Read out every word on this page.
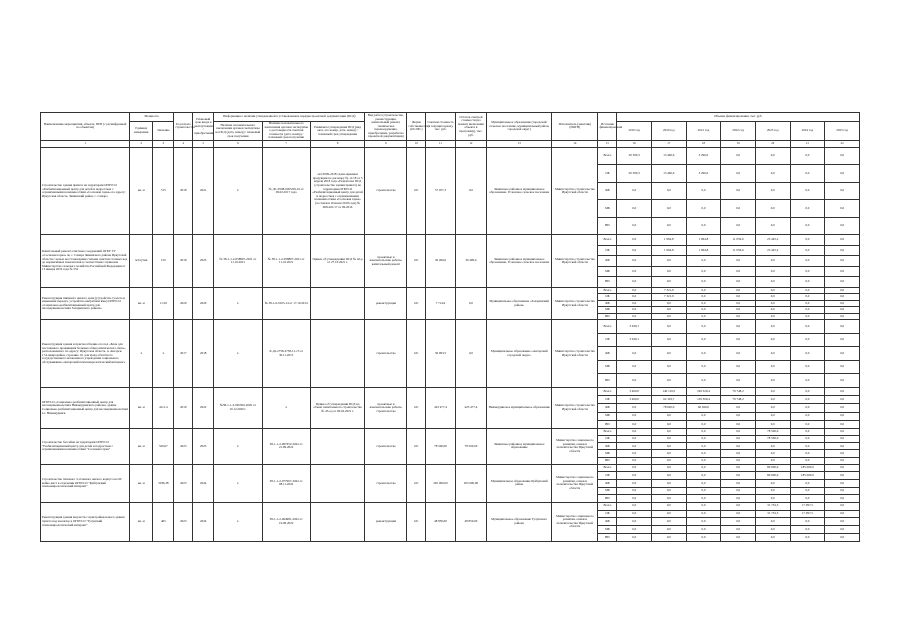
Наименование мероприятия, объекта, ППР (с расшифровкой по объектам)	Мощность		Год начала строительства	Плановый срок ввода в эксплуатацию / приобретения	Информация о наличии утвержденной в установленном порядке проектной документации (ПСД)			Вид работ (строительство, реконструкция, капитальный ремонт, техническое перевооружение, приобретение, разработка проектной документации)	Форма собственности (ОС/МС)	Сметная стоимость (в текущих ценах), тыс. руб.	Остаток сметной стоимости (на момент включения объекта в программу), тыс. руб.	Муниципальное образование (городской/сельское поселение, муниципальный район, городской округ)	Исполнитель (заказчик) (ИОГВ)	Источник финансирования	Объемы финансирования, тыс. руб.						
	Единица измерения	Значение			Наличие положительного заключения органов экспертизы на ПСД (дата, номер) / плановый срок получения	Наличие положительного заключения органов экспертизы о достоверности сметной стоимости (дата, номер) / плановый срок получения	Реквизиты утверждения ПСД (вид акта, его номер, дата, номер) / плановый срок утверждения								2019 год	2020 год	2021 год	2022 год	2023 год	2024 год	2025 год
1	2	3	4	5	6	7	8	9	10	11	12	13	14	15	16	17	18	19	20	21	22
Строительство здания приюта на территории ОГБУСО «Реабилитационный центр для детей и подростков с ограниченными возможностями «Сосновая горка» по адресу: Иркутская область, Зиминский район, с. Самара	кв. м	515	2018	2021	х	№ ДС-0508-0265/09-16 от 09.02.2017 года	акт 0009-2018 сдачи-приемки продукции по договору № 11/18 от 5 апреля 2018 года «Разработка ПСД (строительство здания приюта) на территории ОГБУСО «Реабилитационный центр для детей и подростков с ограниченными возможностями «Сосновая горка» (составлен 16 июля 2018 года) № 068-261/17 от 06.2016	строительство	ОС	37 057,3	0,0	Зиминское районное муниципальное образование, Услонское сельское поселение	Министерство строительства Иркутской области	Всего	20 300,3	13 460,6	3 296,0	0,0	0,0	0,0	0,0
														ОБ	20 300,3	13 460,6	3 296,0	0,0	0,0	0,0	0,0
														ФБ	0,0	0,0	0,0	0,0	0,0	0,0	0,0
														МБ	0,0	0,0	0,0	0,0	0,0	0,0	0,0
														ВИ	0,0	0,0	0,0	0,0	0,0	0,0	0,0
Капитальный ремонт очистных сооружений ОГБУ ГУ «Сосновая горка» по с. Самара Зиминского района Иркутской области с целью восстановления степени очистки сточных вод до нормативных показателей в соответствии с приказом Министерства сельского хозяйства Российской Федерации от 13 января 2016 года № 552	м3/сутки	150	2018	2023	№ 38-1-1-2-058807-2021 от 11.10.2021	№ 38-1-1-2-058807-2021 от 11.10.2021	Приказ об утверждении ПСД № 42-р от 27.10.2021 г.	проектные и изыскательские работы, капитальный ремонт	ОС	36 499,6	36 499,6	Зиминское районное муниципальное образование, Услонское сельское поселение	Министерство строительства Иркутской области	Всего	0,0	1 994,8	1 994,8	11 059,6	23 445,2	0,0	0,0
														ОБ	0,0	1 994,8	1 994,8	11 059,6	23 445,2	0,0	0,0
														ФБ	0,0	0,0	0,0	0,0	0,0	0,0	0,0
														МБ	0,0	0,0	0,0	0,0	0,0	0,0	0,0
														ВИ	0,0	0,0	0,0	0,0	0,0	0,0	0,0
Реконструкция пищевого жилого дома (устройство туалета и изменения передач, устройство выгребной ямы) ОГБУСО «Социально-реабилитационный центр для несовершеннолетних Заларинского района»	кв. м	11,56	2020	2020	х	№ 38-1-6-0165-14 от 17.10.2014		реконструкция	ОС	7 714,9	0,0	Муниципальное образование «Заларинский район»	Министерство строительства Иркутской области	Всего	0,0	7 321,9	0,0	0,0	0,0	0,0	0,0
														ОБ	0,0	7 321,9	0,0	0,0	0,0	0,0	0,0
														ФБ	0,0	0,0	0,0	0,0	0,0	0,0	0,0
														МБ	0,0	0,0	0,0	0,0	0,0	0,0	0,0
														ВИ	0,0	0,0	0,0	0,0	0,0	0,0	0,0
Реконструкция здания и приспособление его под «Блок для постоянного проживания больных общесоматического типа», расположенного по адресу: Иркутская область, п. Ангарск, 17А микрорайон, строение 10, для нужд областного государственного автономного учреждения социального обслуживания «Ангарский психоневрологический интернат»	х	х	2017	2018	х	Х-Дз-2758-2758-11-15 от 30.11.2015		строительство	ОС	36 993,5	0,0	Муниципальное образование «Ангарский городской округ»	Министерство строительства Иркутской области	Всего	3 639,1	0,0	0,0	0,0	0,0	0,0	0,0
														ОБ	3 639,1	0,0	0,0	0,0	0,0	0,0	0,0
														ФБ	0,0	0,0	0,0	0,0	0,0	0,0	0,0
														МБ	0,0	0,0	0,0	0,0	0,0	0,0	0,0
														ВИ	0,0	0,0	0,0	0,0	0,0	0,0	0,0
ОГБУСО «Социально-реабилитационный центр для несовершеннолетних Нижнеудинского района» здание Социально-реабилитационный центр для несовершеннолетних в г. Нижнеудинск	кв. м	4111,4	2019	2022	№38-1-1-3-065506-2020 от 10.12.2020 г.	х	Приказ об утверждении ПСД на объект капитального строительства № 43-од от 09.02.2021 г.	проектные и изыскательские работы, строительство	ОС	423 477,4	423 477,4	Нижнеудинское муниципальное образование	Министерство строительства Иркутской области	Всего	3 400,0	140 119,5	199 329,4	79 748,2	0,0	0,0	0,0
														ОБ	3 400,0	62 163,7	139 309,4	79 748,2	0,0	0,0	0,0
														ФБ	0,0	78 020,0	60 020,0	0,0	0,0	0,0	0,0
														МБ	0,0	0,0	0,0	0,0	0,0	0,0	0,0
														ВИ	0,0	0,0	0,0	0,0	0,0	0,0	0,0
Строительство бассейна на территории ОГБУСО "Реабилитационный центр для детей и подростков с ограниченными возможностями "Сосновая горка"	кв. м	526,07	2023	2023	х	38-1-1-2-067652-2022 от 21.09.2022		строительство	ОС	78 500,00	78 500,00	Зиминское районное муниципальное образование	Министерство социального развития, опеки и попечительства Иркутской области	Всего	0,0	0,0	0,0	0,0	78 500,0	0,0	0,0
														ОБ	0,0	0,0	0,0	0,0	78 500,0	0,0	0,0
														ФБ	0,0	0,0	0,0	0,0	0,0	0,0	0,0
														МБ	0,0	0,0	0,0	0,0	0,0	0,0	0,0
														ВИ	0,0	0,0	0,0	0,0	0,0	0,0	0,0
Строительство типового 3-этажного жилого корпуса на 60 койко-мест в отделении ОГБУСО "Куйтунский психоневрологический интернат"	кв. м	3186,38	2023	2024	х	38-1-1-2-077967-2022 от 08.11.2022		строительство	ОС	265 000,00	265 000,00	Муниципальное образование Куйтунский район	Министерство социального развития, опеки и попечительства Иркутской области	Всего	0,0	0,0	0,0	0,0	80 000,0	185 000,0	0,0
														ОБ	0,0	0,0	0,0	0,0	80 000,0	185 000,0	0,0
														ФБ	0,0	0,0	0,0	0,0	0,0	0,0	0,0
														МБ	0,0	0,0	0,0	0,0	0,0	0,0	0,0
														ВИ	0,0	0,0	0,0	0,0	0,0	0,0	0,0
Реконструкция здания медчасти с пристройки нового здания пункта под изолятор в ОГБУСО "Тулунский психоневрологический интернат"	кв. м	465	2023	2024	х	38-1-1-2-064981-2022 от 19.09.2022		реконструкция	ОС	48 850,00	48 850,00	Муниципальное образование Тулунского района	Министерство социального развития, опеки и попечительства Иркутской области	Всего	0,0	0,0	0,0	0,0	31 752,5	17 097,5	0,0
														ОБ	0,0	0,0	0,0	0,0	31 752,5	17 097,5	0,0
														ФБ	0,0	0,0	0,0	0,0	0,0	0,0	0,0
														МБ	0,0	0,0	0,0	0,0	0,0	0,0	0,0
														ВИ	0,0	0,0	0,0	0,0	0,0	0,0	0,0
